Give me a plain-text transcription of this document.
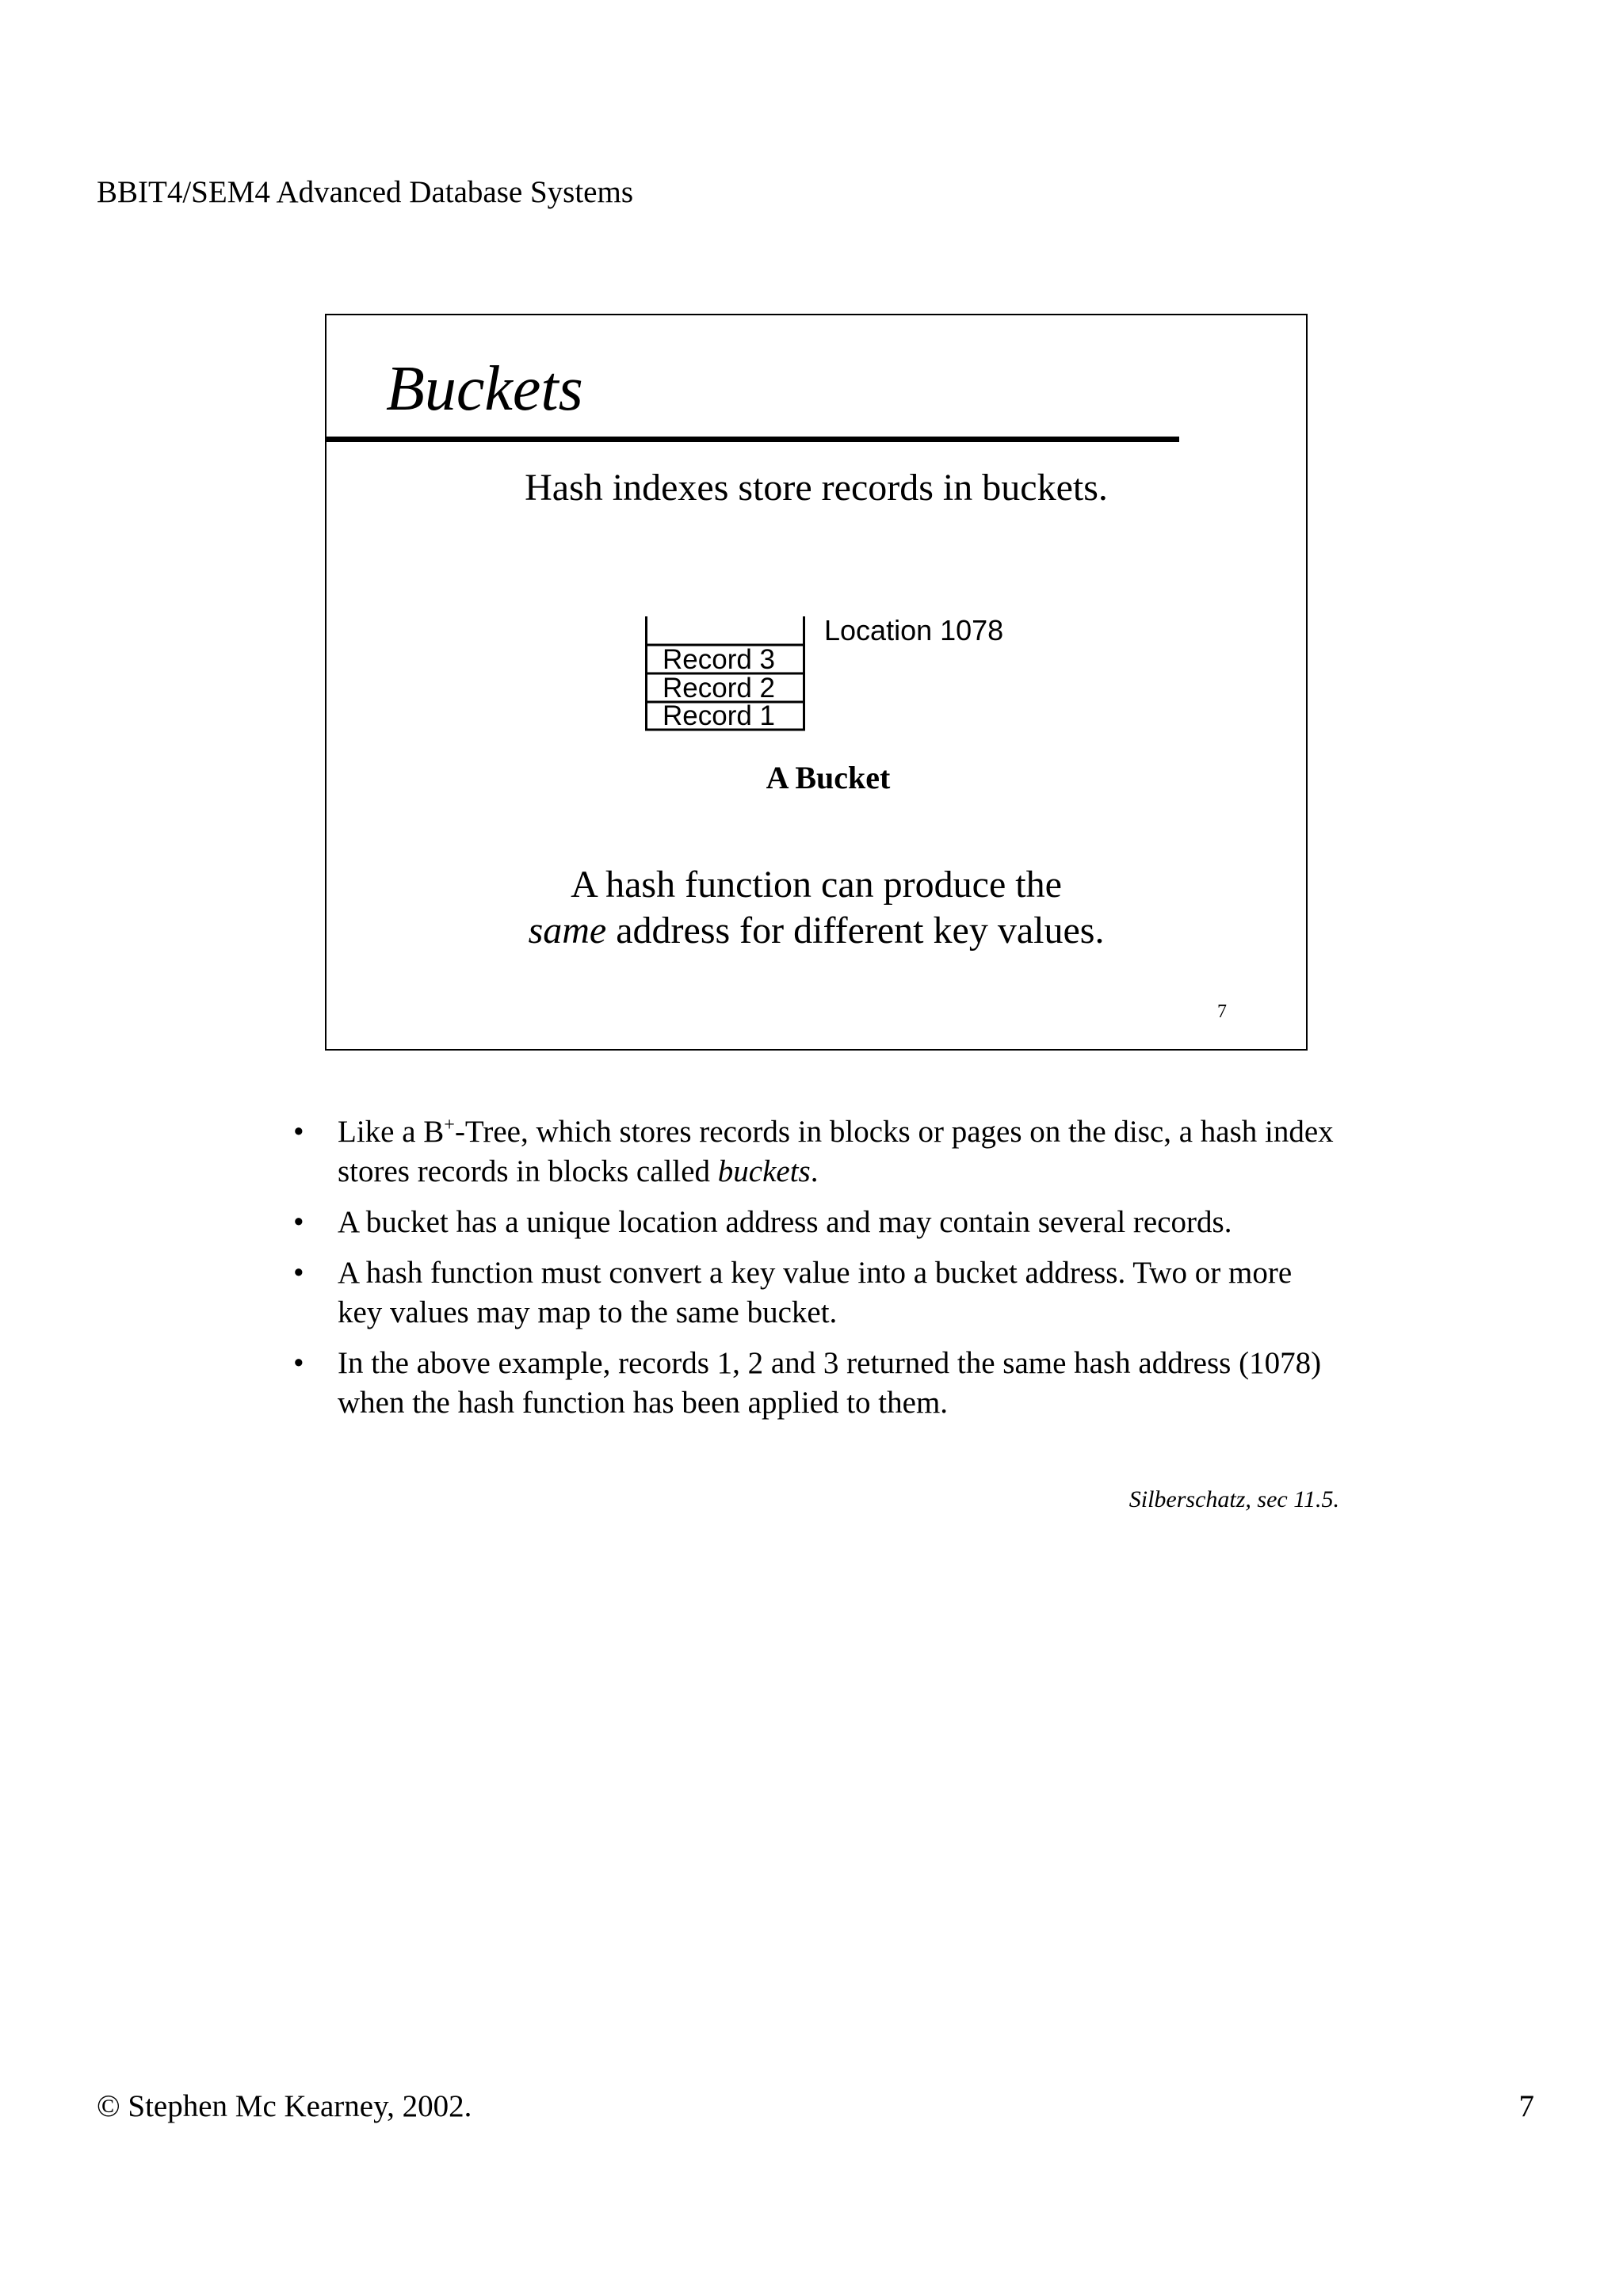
BBIT4/SEM4 Advanced Database Systems
Buckets
Hash indexes store records in buckets.
Record 3
Record 2
Record 1
Location 1078
A Bucket
A hash function can produce the
same address for different key values.
7
• Like a B+-Tree, which stores records in blocks or pages on the disc, a hash index stores records in blocks called buckets.
• A bucket has a unique location address and may contain several records.
• A hash function must convert a key value into a bucket address. Two or more key values may map to the same bucket.
• In the above example, records 1, 2 and 3 returned the same hash address (1078) when the hash function has been applied to them.
Silberschatz, sec 11.5.
© Stephen Mc Kearney, 2002.	7
